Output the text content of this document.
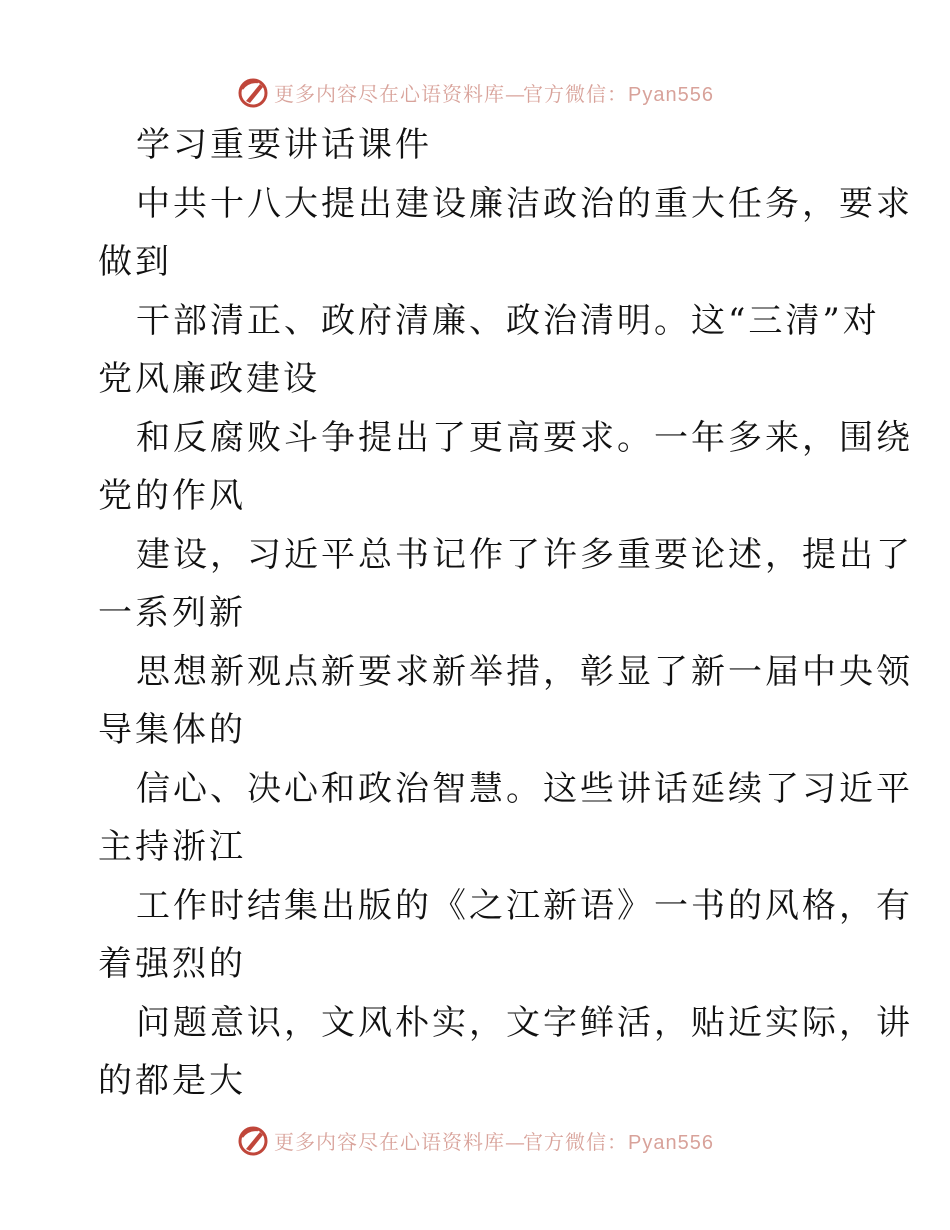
更多内容尽在心语资料库—官方微信：Pyan556
学习重要讲话课件
中共十八大提出建设廉洁政治的重大任务，要求
做到
干部清正、政府清廉、政治清明。这“三清”对
党风廉政建设
和反腐败斗争提出了更高要求。一年多来，围绕
党的作风
建设，习近平总书记作了许多重要论述，提出了
一系列新
思想新观点新要求新举措，彰显了新一届中央领
导集体的
信心、决心和政治智慧。这些讲话延续了习近平
主持浙江
工作时结集出版的《之江新语》一书的风格，有
着强烈的
问题意识，文风朴实，文字鲜活，贴近实际，讲
的都是大
更多内容尽在心语资料库—官方微信：Pyan556
